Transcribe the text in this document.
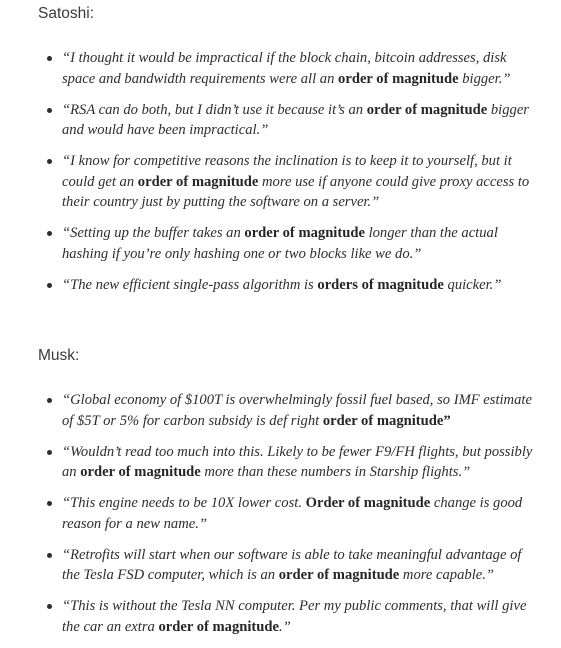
Satoshi:
“I thought it would be impractical if the block chain, bitcoin addresses, disk space and bandwidth requirements were all an order of magnitude bigger.”
“RSA can do both, but I didn’t use it because it’s an order of magnitude bigger and would have been impractical.”
“I know for competitive reasons the inclination is to keep it to yourself, but it could get an order of magnitude more use if anyone could give proxy access to their country just by putting the software on a server.”
“Setting up the buffer takes an order of magnitude longer than the actual hashing if you’re only hashing one or two blocks like we do.”
“The new efficient single-pass algorithm is orders of magnitude quicker.”
Musk:
“Global economy of $100T is overwhelmingly fossil fuel based, so IMF estimate of $5T or 5% for carbon subsidy is def right order of magnitude”
“Wouldn’t read too much into this. Likely to be fewer F9/FH flights, but possibly an order of magnitude more than these numbers in Starship flights.”
“This engine needs to be 10X lower cost. Order of magnitude change is good reason for a new name.”
“Retrofits will start when our software is able to take meaningful advantage of the Tesla FSD computer, which is an order of magnitude more capable.”
“This is without the Tesla NN computer. Per my public comments, that will give the car an extra order of magnitude.”
